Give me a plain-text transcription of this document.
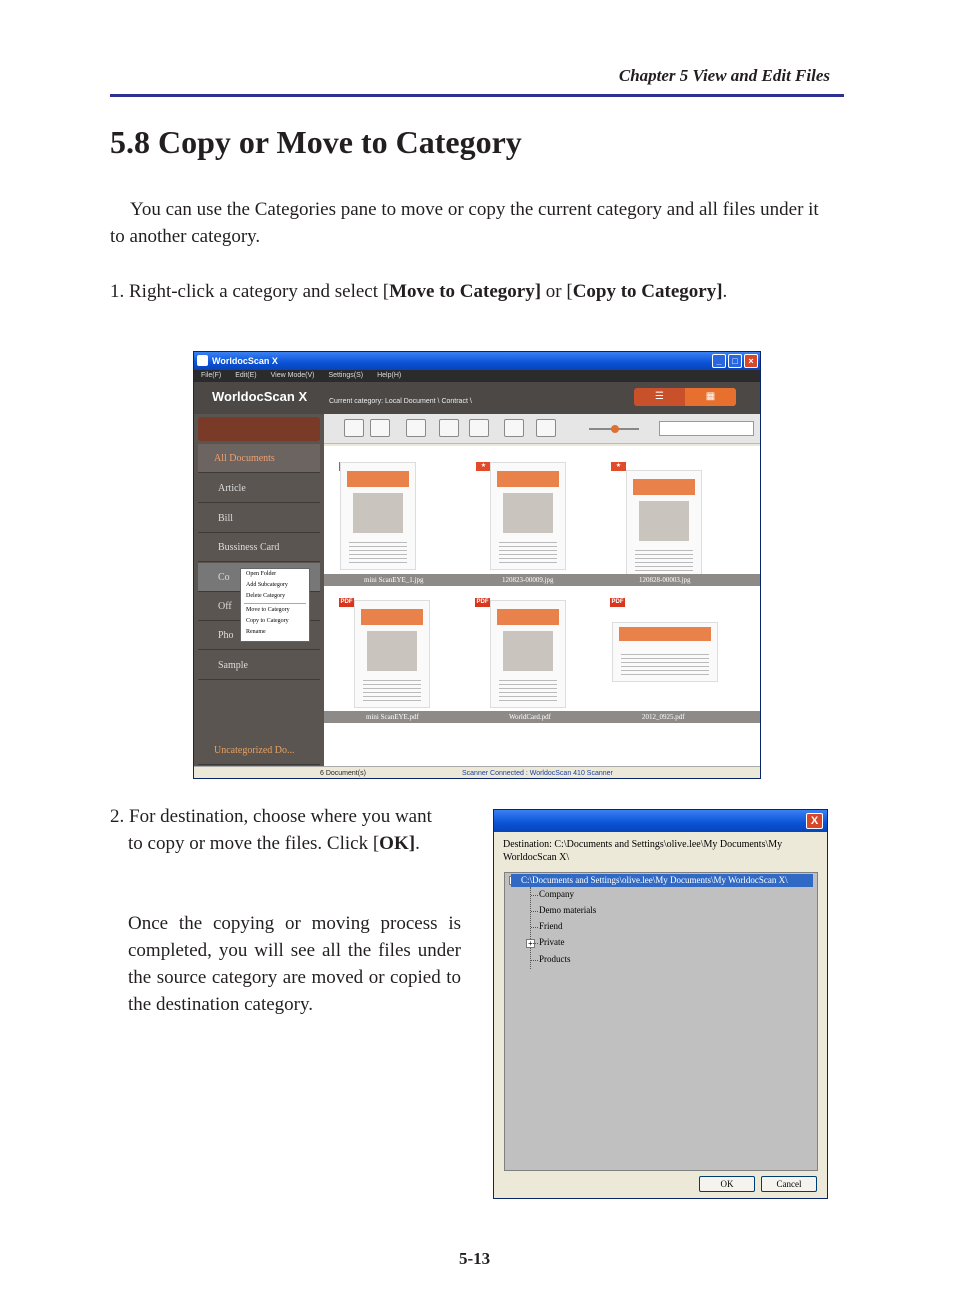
Chapter 5 View and Edit Files
5.8 Copy or Move to Category
You can use the Categories pane to move or copy the current category and all files under it to another category.
1. Right-click a category and select [Move to Category] or [Copy to Category].
WorldocScan X	_	□	×
File(F) Edit(E) View Mode(V) Settings(S) Help(H)
WorldocScan X	Current category: Local Document \ Contract \	☰	▦
All Documents
Article
Bill
Bussiness Card
Co
Off
Pho
Sample
Uncategorized Do...
Open Folder
Add Subcategory
Delete Category
Move to Category
Copy to Category
Rename
★	★
mini ScanEYE_1.jpg	120823-00009.jpg	120828-00003.jpg
PDF	PDF	PDF
mini ScanEYE.pdf	WorldCard.pdf	2012_0925.pdf
6 Document(s)	Scanner Connected : WorldocScan 410 Scanner
2. For destination, choose where you want
to copy or move the files. Click [OK].
Once the copying or moving process is completed, you will see all the files under the source category are moved or copied to the destination category.
X
Destination: C:\Documents and Settings\olive.lee\My Documents\My WorldocScan X\
C:\Documents and Settings\olive.lee\My Documents\My WorldocScan X\
Company
Demo materials
Friend
+ Private
Products
OK	Cancel
5-13
